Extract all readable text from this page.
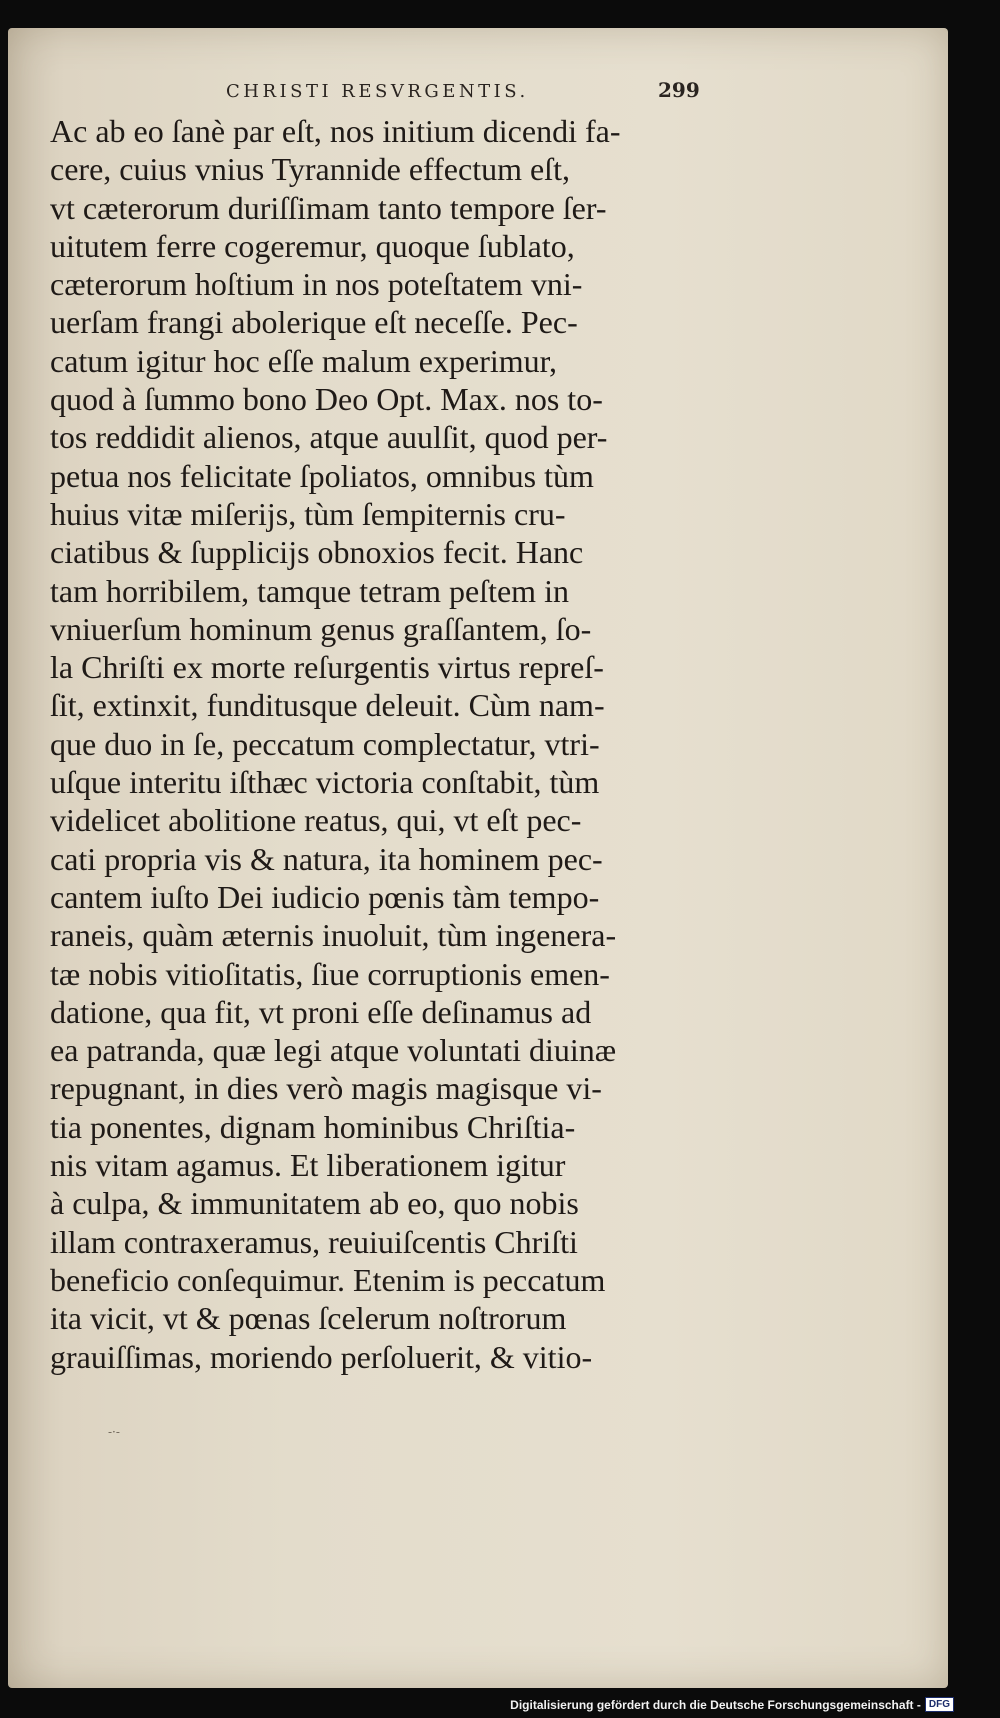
CHRISTI RESVRGENTIS.	299
Ac ab eo ſanè par eſt, nos initium dicendi fa-
cere, cuius vnius Tyrannide effectum eſt,
vt cæterorum duriſſimam tanto tempore ſer-
uitutem ferre cogeremur, quoque ſublato,
cæterorum hoſtium in nos poteſtatem vni-
uerſam frangi abolerique eſt neceſſe. Pec-
catum igitur hoc eſſe malum experimur,
quod à ſummo bono Deo Opt. Max. nos to-
tos reddidit alienos, atque auulſit, quod per-
petua nos felicitate ſpoliatos, omnibus tùm
huius vitæ miſerijs, tùm ſempiternis cru-
ciatibus & ſupplicijs obnoxios fecit. Hanc
tam horribilem, tamque tetram peſtem in
vniuerſum hominum genus graſſantem, ſo-
la Chriſti ex morte reſurgentis virtus repreſ-
ſit, extinxit, funditusque deleuit. Cùm nam-
que duo in ſe, peccatum complectatur, vtri-
uſque interitu iſthæc victoria conſtabit, tùm
videlicet abolitione reatus, qui, vt eſt pec-
cati propria vis & natura, ita hominem pec-
cantem iuſto Dei iudicio pœnis tàm tempo-
raneis, quàm æternis inuoluit, tùm ingenera-
tæ nobis vitioſitatis, ſiue corruptionis emen-
datione, qua fit, vt proni eſſe deſinamus ad
ea patranda, quæ legi atque voluntati diuinæ
repugnant, in dies verò magis magisque vi-
tia ponentes, dignam hominibus Chriſtia-
nis vitam agamus. Et liberationem igitur
à culpa, & immunitatem ab eo, quo nobis
illam contraxeramus, reuiuiſcentis Chriſti
beneficio conſequimur. Etenim is peccatum
ita vicit, vt & pœnas ſcelerum noſtrorum
grauiſſimas, moriendo perſoluerit, & vitio-
-·-
Digitalisierung gefördert durch die Deutsche Forschungsgemeinschaft - DFG
